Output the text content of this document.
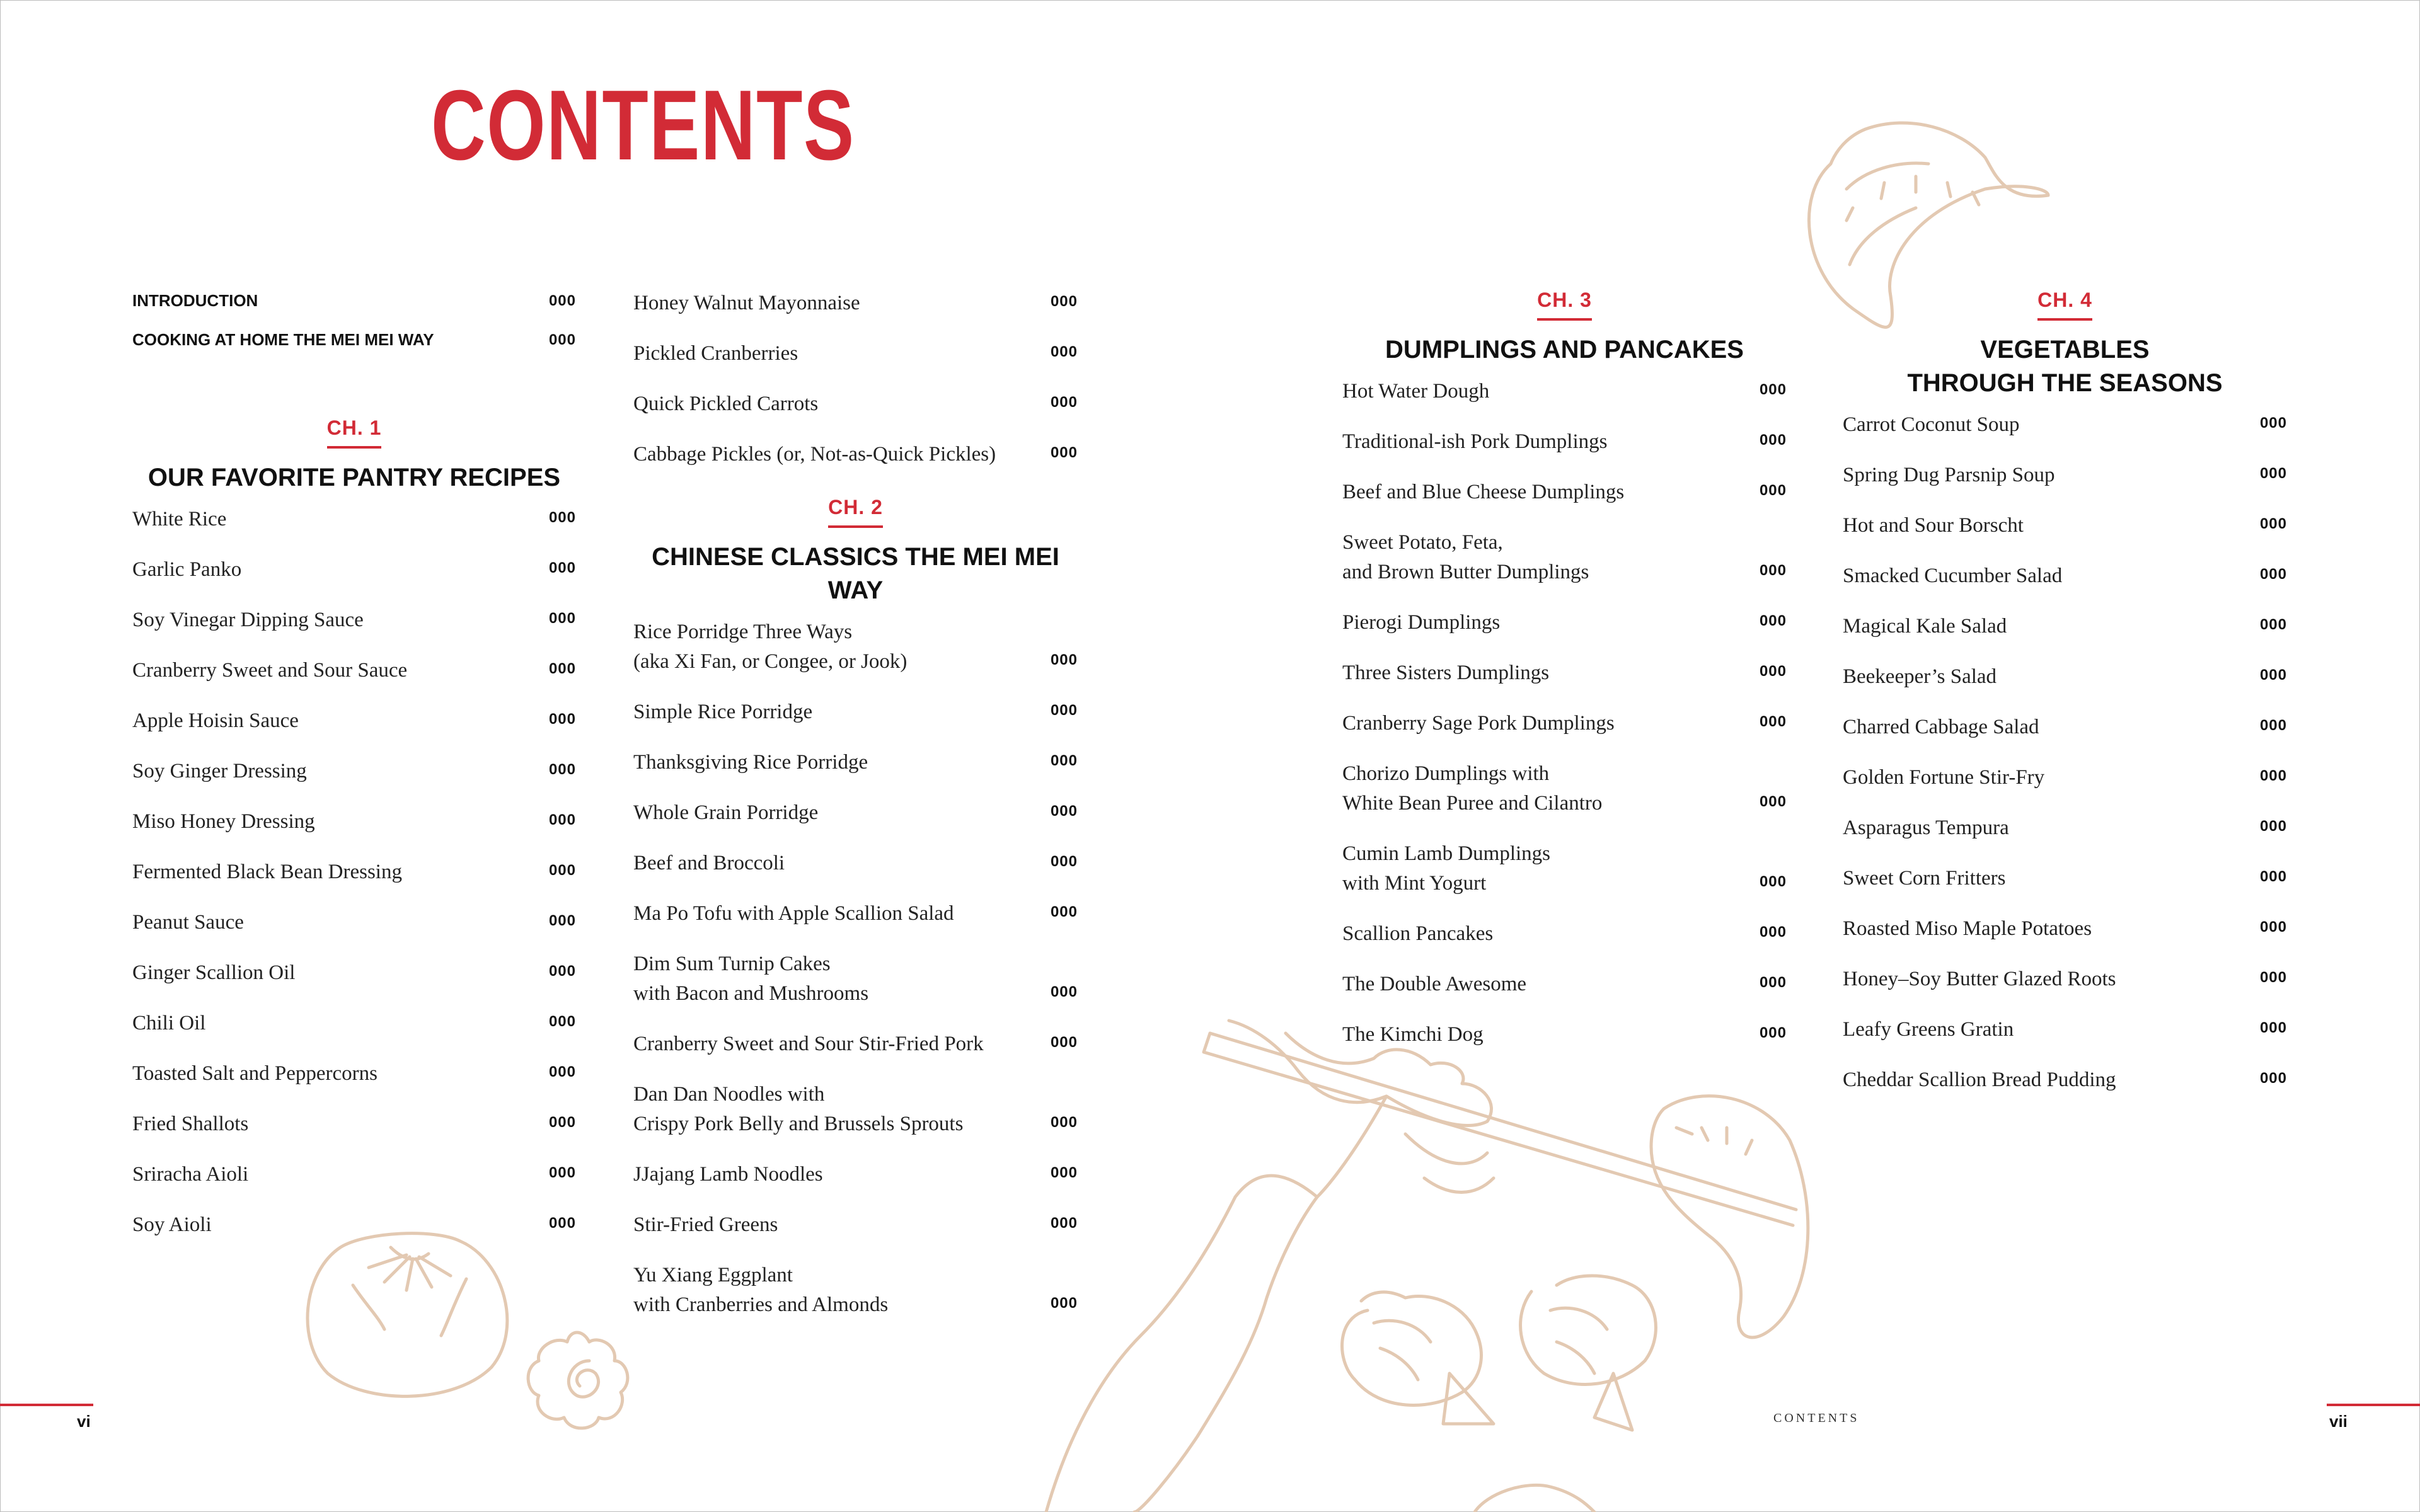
CONTENTS
INTRODUCTION	000
COOKING AT HOME THE MEI MEI WAY	000
CH. 1
OUR FAVORITE PANTRY RECIPES
White Rice	000
Garlic Panko	000
Soy Vinegar Dipping Sauce	000
Cranberry Sweet and Sour Sauce	000
Apple Hoisin Sauce	000
Soy Ginger Dressing	000
Miso Honey Dressing	000
Fermented Black Bean Dressing	000
Peanut Sauce	000
Ginger Scallion Oil	000
Chili Oil	000
Toasted Salt and Peppercorns	000
Fried Shallots	000
Sriracha Aioli	000
Soy Aioli	000
Honey Walnut Mayonnaise	000
Pickled Cranberries	000
Quick Pickled Carrots	000
Cabbage Pickles (or, Not-as-Quick Pickles)	000
CH. 2
CHINESE CLASSICS THE MEI MEI WAY
Rice Porridge Three Ways
(aka Xi Fan, or Congee, or Jook)	000
Simple Rice Porridge	000
Thanksgiving Rice Porridge	000
Whole Grain Porridge	000
Beef and Broccoli	000
Ma Po Tofu with Apple Scallion Salad	000
Dim Sum Turnip Cakes
with Bacon and Mushrooms	000
Cranberry Sweet and Sour Stir-Fried Pork	000
Dan Dan Noodles with
Crispy Pork Belly and Brussels Sprouts	000
JJajang Lamb Noodles	000
Stir-Fried Greens	000
Yu Xiang Eggplant
with Cranberries and Almonds	000
CH. 3
DUMPLINGS AND PANCAKES
Hot Water Dough	000
Traditional-ish Pork Dumplings	000
Beef and Blue Cheese Dumplings	000
Sweet Potato, Feta,
and Brown Butter Dumplings	000
Pierogi Dumplings	000
Three Sisters Dumplings	000
Cranberry Sage Pork Dumplings	000
Chorizo Dumplings with
White Bean Puree and Cilantro	000
Cumin Lamb Dumplings
with Mint Yogurt	000
Scallion Pancakes	000
The Double Awesome	000
The Kimchi Dog	000
CH. 4
VEGETABLES
THROUGH THE SEASONS
Carrot Coconut Soup	000
Spring Dug Parsnip Soup	000
Hot and Sour Borscht	000
Smacked Cucumber Salad	000
Magical Kale Salad	000
Beekeeper’s Salad	000
Charred Cabbage Salad	000
Golden Fortune Stir-Fry	000
Asparagus Tempura	000
Sweet Corn Fritters	000
Roasted Miso Maple Potatoes	000
Honey–Soy Butter Glazed Roots	000
Leafy Greens Gratin	000
Cheddar Scallion Bread Pudding	000
vi	vii
CONTENTS
